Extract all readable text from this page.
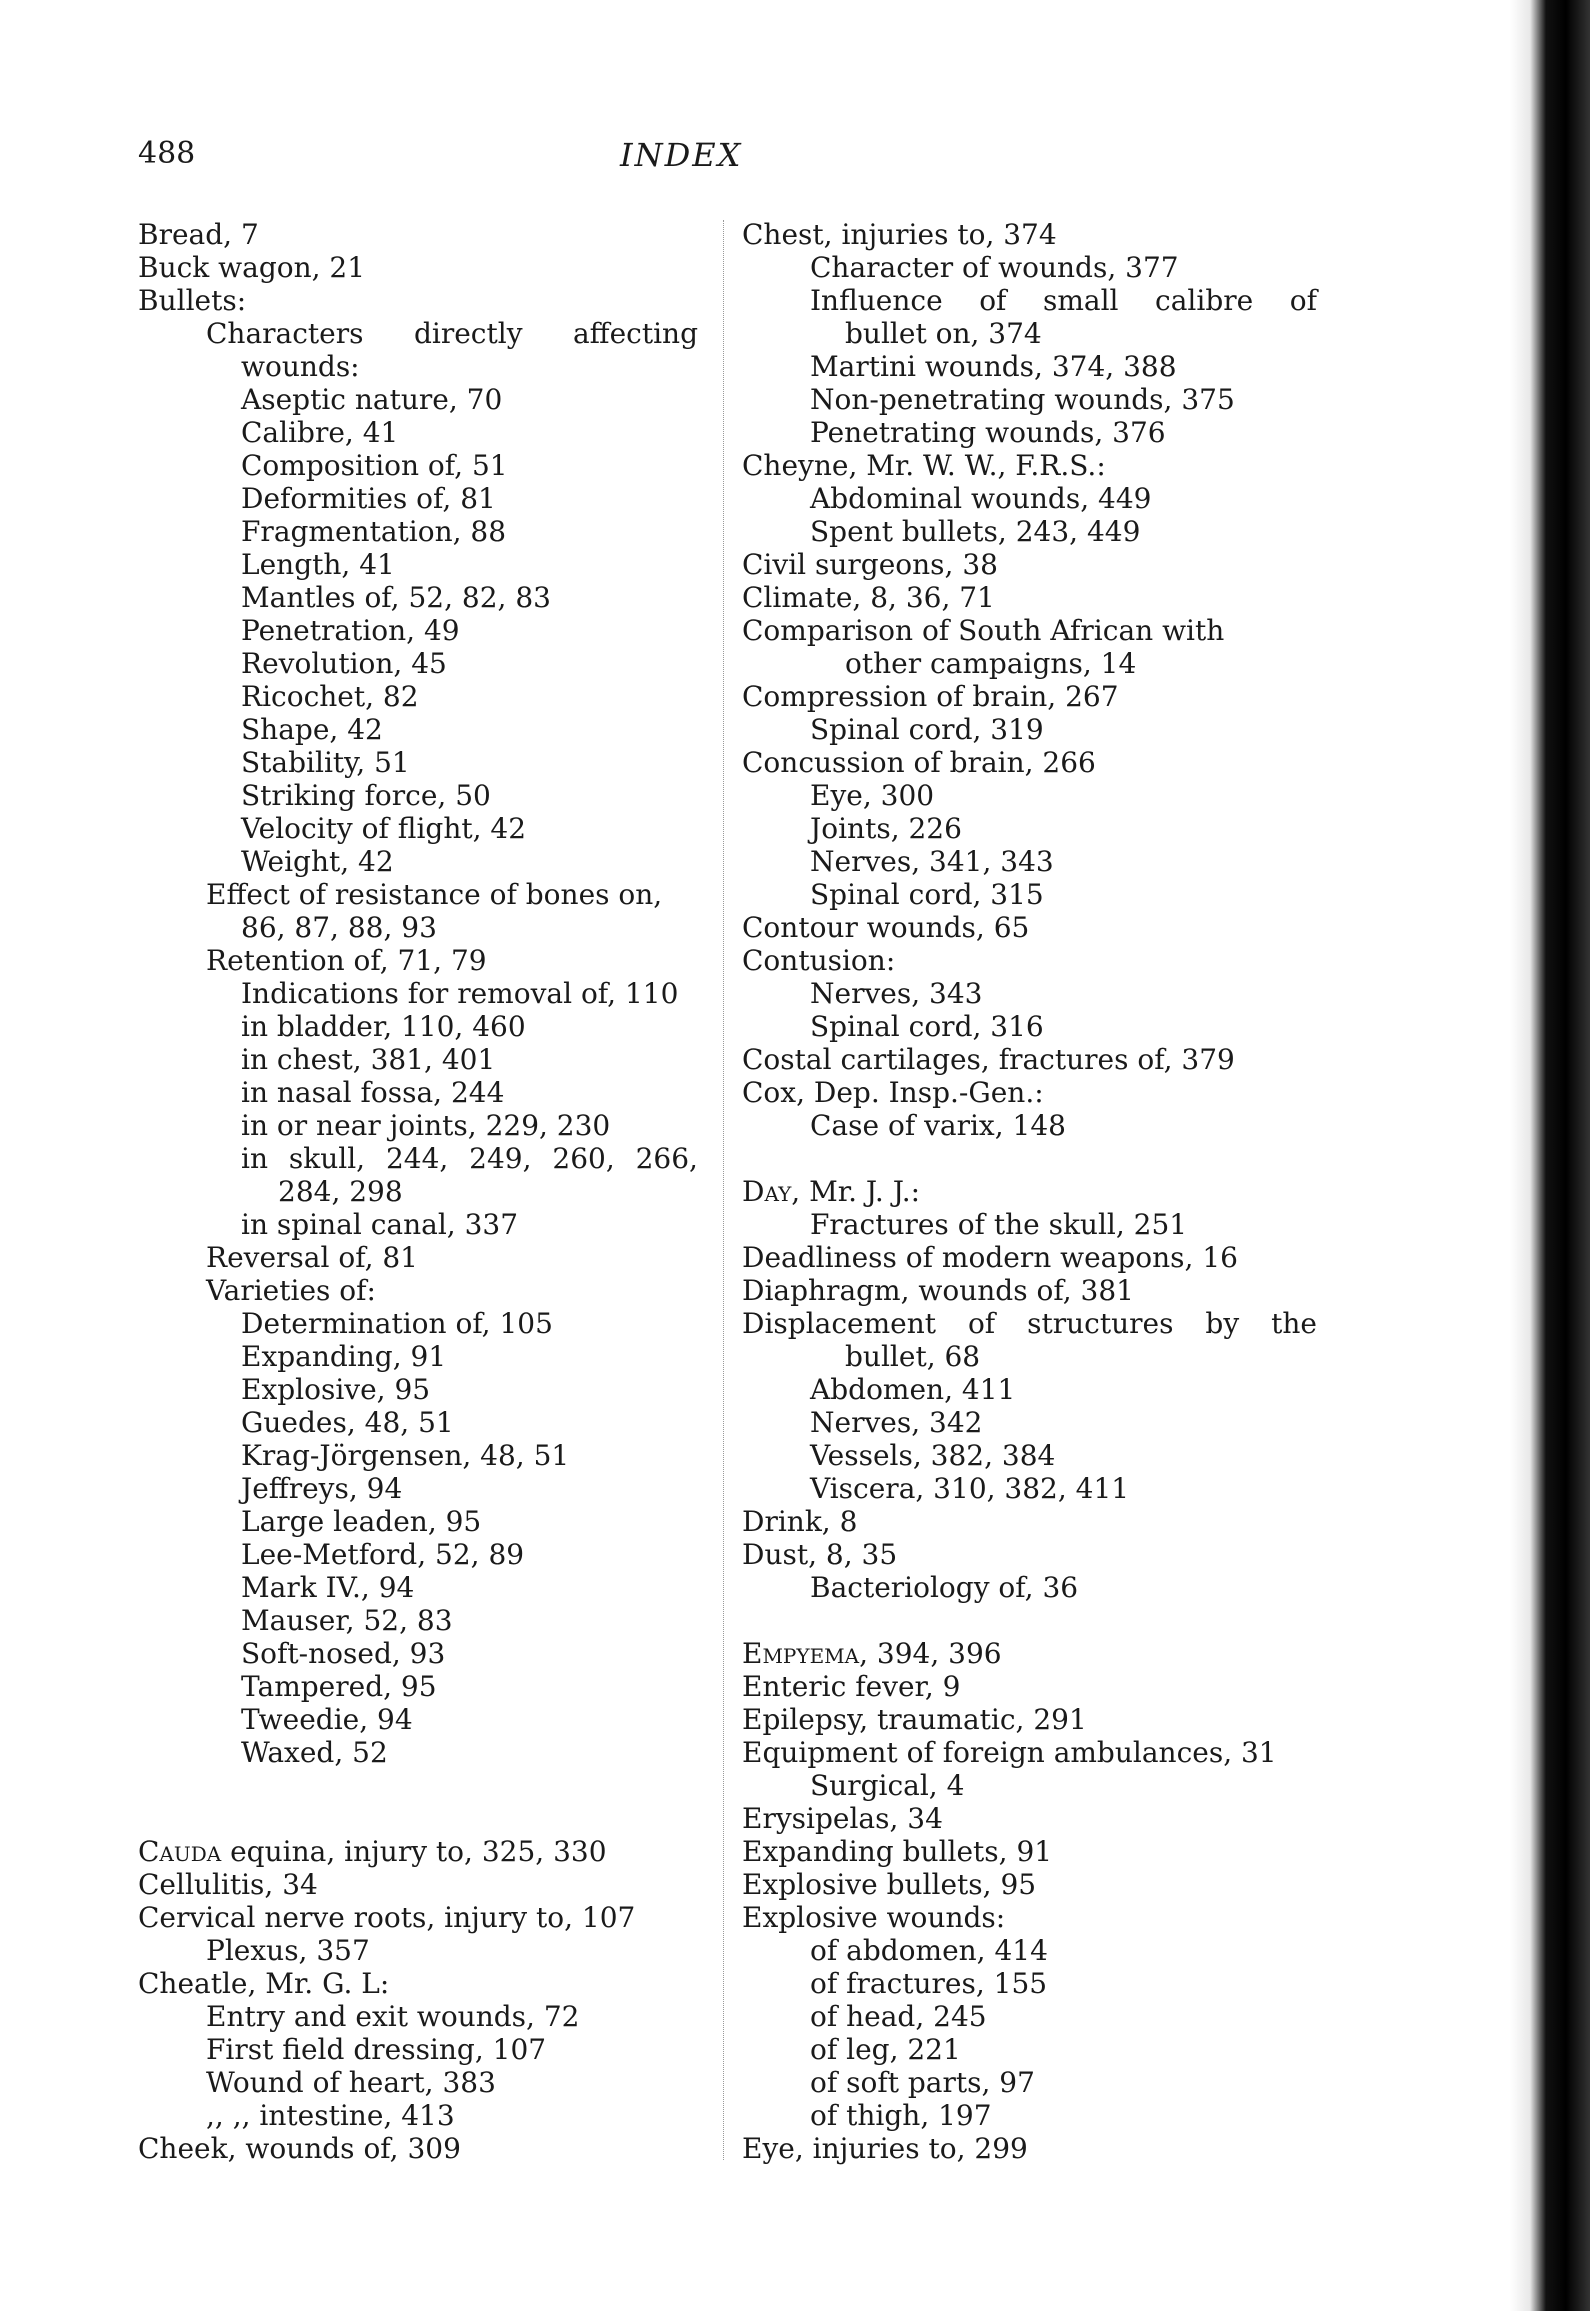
488	INDEX
Bread, 7
Buck wagon, 21
Bullets:
Characters directly affecting
wounds:
Aseptic nature, 70
Calibre, 41
Composition of, 51
Deformities of, 81
Fragmentation, 88
Length, 41
Mantles of, 52, 82, 83
Penetration, 49
Revolution, 45
Ricochet, 82
Shape, 42
Stability, 51
Striking force, 50
Velocity of flight, 42
Weight, 42
Effect of resistance of bones on,
86, 87, 88, 93
Retention of, 71, 79
Indications for removal of, 110
in bladder, 110, 460
in chest, 381, 401
in nasal fossa, 244
in or near joints, 229, 230
in skull, 244, 249, 260, 266,
284, 298
in spinal canal, 337
Reversal of, 81
Varieties of:
Determination of, 105
Expanding, 91
Explosive, 95
Guedes, 48, 51
Krag-Jörgensen, 48, 51
Jeffreys, 94
Large leaden, 95
Lee-Metford, 52, 89
Mark IV., 94
Mauser, 52, 83
Soft-nosed, 93
Tampered, 95
Tweedie, 94
Waxed, 52
Cauda equina, injury to, 325, 330
Cellulitis, 34
Cervical nerve roots, injury to, 107
Plexus, 357
Cheatle, Mr. G. L:
Entry and exit wounds, 72
First field dressing, 107
Wound of heart, 383
,, ,, intestine, 413
Cheek, wounds of, 309
Chest, injuries to, 374
Character of wounds, 377
Influence of small calibre of
bullet on, 374
Martini wounds, 374, 388
Non-penetrating wounds, 375
Penetrating wounds, 376
Cheyne, Mr. W. W., F.R.S.:
Abdominal wounds, 449
Spent bullets, 243, 449
Civil surgeons, 38
Climate, 8, 36, 71
Comparison of South African with
other campaigns, 14
Compression of brain, 267
Spinal cord, 319
Concussion of brain, 266
Eye, 300
Joints, 226
Nerves, 341, 343
Spinal cord, 315
Contour wounds, 65
Contusion:
Nerves, 343
Spinal cord, 316
Costal cartilages, fractures of, 379
Cox, Dep. Insp.-Gen.:
Case of varix, 148
Day, Mr. J. J.:
Fractures of the skull, 251
Deadliness of modern weapons, 16
Diaphragm, wounds of, 381
Displacement of structures by the
bullet, 68
Abdomen, 411
Nerves, 342
Vessels, 382, 384
Viscera, 310, 382, 411
Drink, 8
Dust, 8, 35
Bacteriology of, 36
Empyema, 394, 396
Enteric fever, 9
Epilepsy, traumatic, 291
Equipment of foreign ambulances, 31
Surgical, 4
Erysipelas, 34
Expanding bullets, 91
Explosive bullets, 95
Explosive wounds:
of abdomen, 414
of fractures, 155
of head, 245
of leg, 221
of soft parts, 97
of thigh, 197
Eye, injuries to, 299
